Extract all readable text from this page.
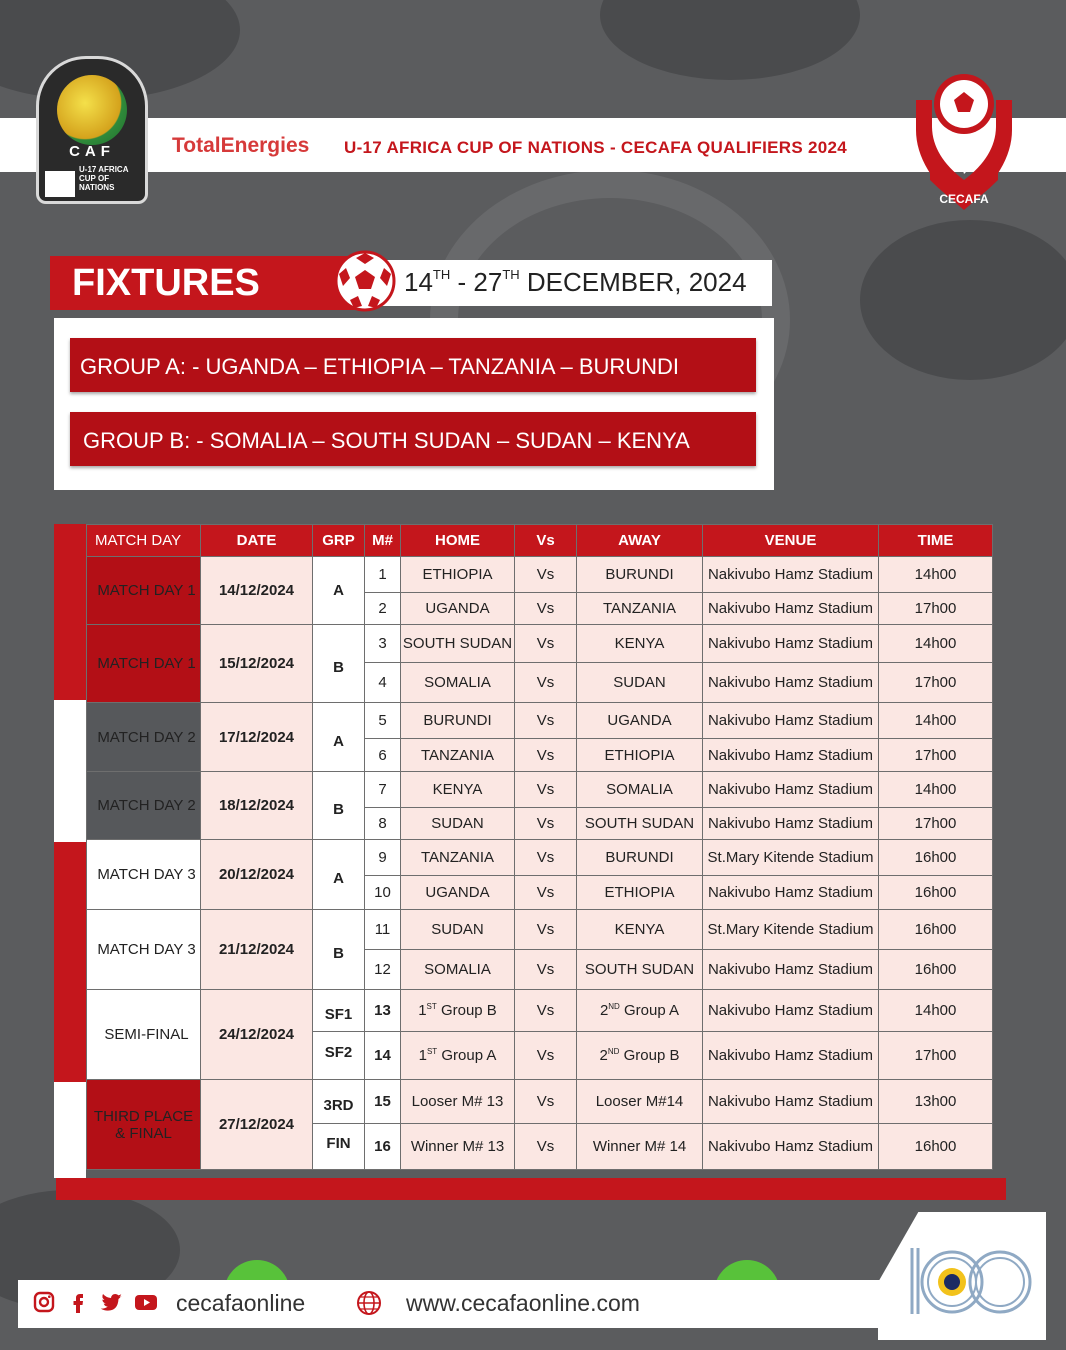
CAF
U-17 AFRICA CUP OF NATIONS
TotalEnergies U-17 AFRICA CUP OF NATIONS - CECAFA QUALIFIERS 2024
CECAFA
FIXTURES	14TH - 27TH DECEMBER, 2024
GROUP A: - UGANDA – ETHIOPIA – TANZANIA – BURUNDI
GROUP B: - SOMALIA – SOUTH SUDAN – SUDAN – KENYA
MATCH DAY	DATE	GRP	M#	HOME	Vs	AWAY	VENUE	TIME
MATCH DAY 1	14/12/2024	A	1	ETHIOPIA	Vs	BURUNDI	Nakivubo Hamz Stadium	14h00
			2	UGANDA	Vs	TANZANIA	Nakivubo Hamz Stadium	17h00
MATCH DAY 1	15/12/2024	B	3	SOUTH SUDAN	Vs	KENYA	Nakivubo Hamz Stadium	14h00
			4	SOMALIA	Vs	SUDAN	Nakivubo Hamz Stadium	17h00
MATCH DAY 2	17/12/2024	A	5	BURUNDI	Vs	UGANDA	Nakivubo Hamz Stadium	14h00
			6	TANZANIA	Vs	ETHIOPIA	Nakivubo Hamz Stadium	17h00
MATCH DAY 2	18/12/2024	B	7	KENYA	Vs	SOMALIA	Nakivubo Hamz Stadium	14h00
			8	SUDAN	Vs	SOUTH SUDAN	Nakivubo Hamz Stadium	17h00
MATCH DAY 3	20/12/2024	A	9	TANZANIA	Vs	BURUNDI	St.Mary Kitende Stadium	16h00
			10	UGANDA	Vs	ETHIOPIA	Nakivubo Hamz Stadium	16h00
MATCH DAY 3	21/12/2024	B	11	SUDAN	Vs	KENYA	St.Mary Kitende Stadium	16h00
			12	SOMALIA	Vs	SOUTH SUDAN	Nakivubo Hamz Stadium	16h00
SEMI-FINAL	24/12/2024	SF1	13	1ST Group B	Vs	2ND Group A	Nakivubo Hamz Stadium	14h00
		SF2	14	1ST Group A	Vs	2ND Group B	Nakivubo Hamz Stadium	17h00
THIRD PLACE
& FINAL	27/12/2024	3RD	15	Looser M# 13	Vs	Looser M#14	Nakivubo Hamz Stadium	13h00
		FIN	16	Winner M# 13	Vs	Winner M# 14	Nakivubo Hamz Stadium	16h00
cecafaonline	www.cecafaonline.com
